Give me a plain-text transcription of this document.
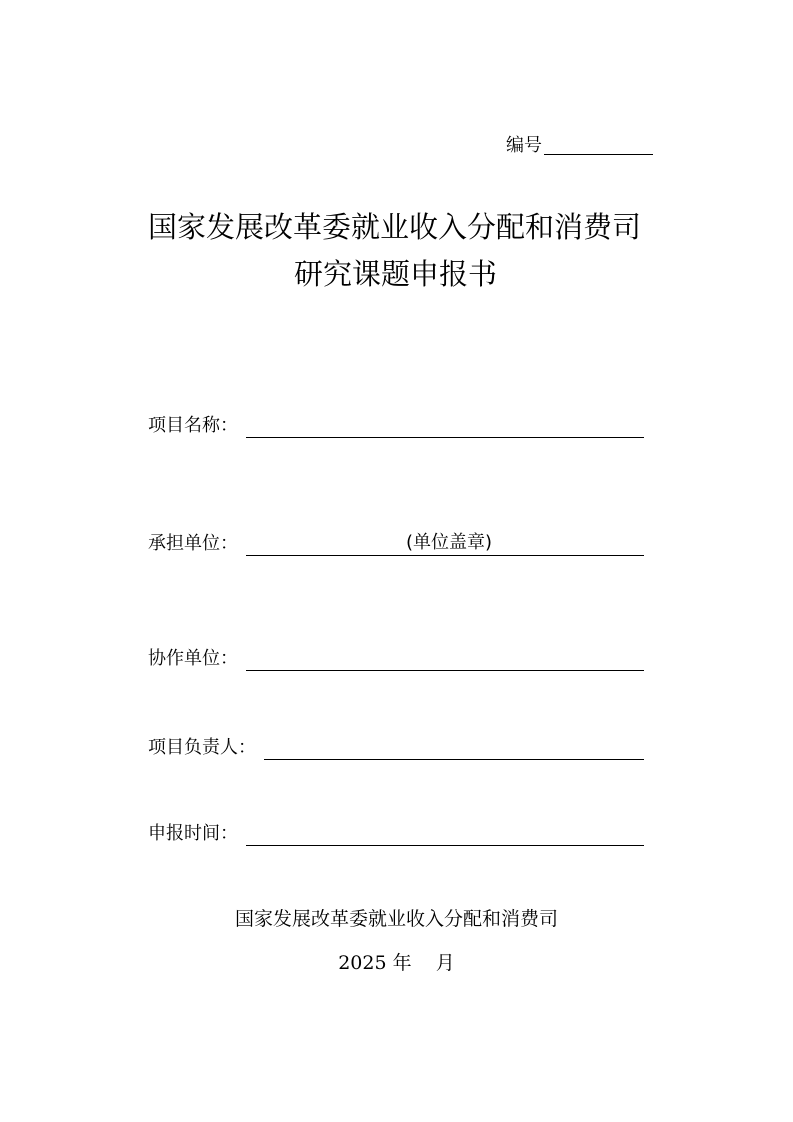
编号
国家发展改革委就业收入分配和消费司
研究课题申报书
项目名称：
承担单位：	(单位盖章)
协作单位：
项目负责人：
申报时间：
国家发展改革委就业收入分配和消费司
2025 年    月
